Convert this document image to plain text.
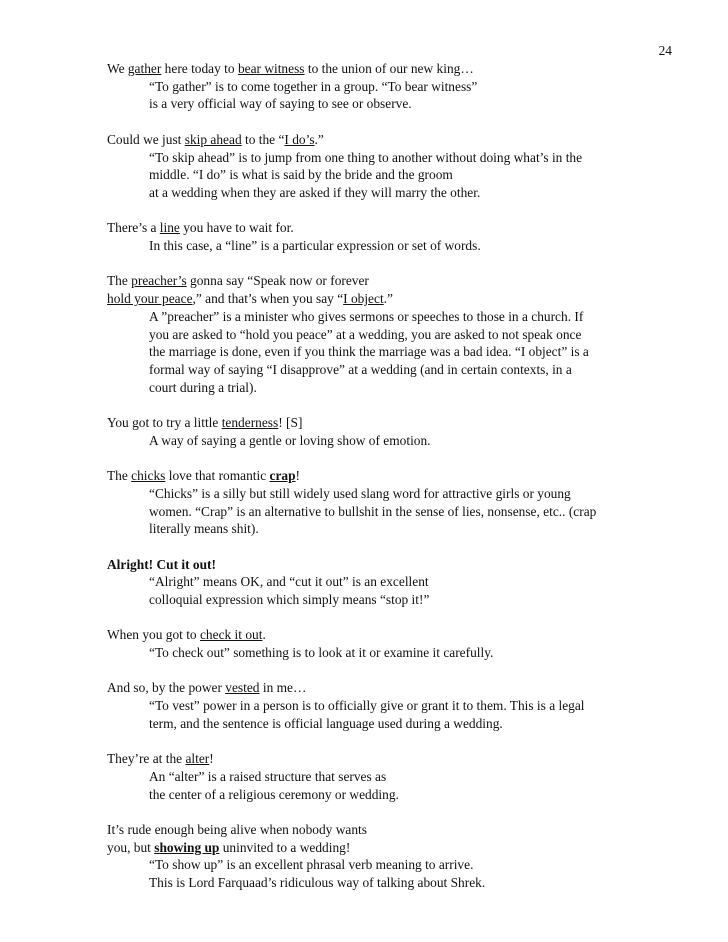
24
We gather here today to bear witness to the union of our new king…
“To gather” is to come together in a group. “To bear witness”
is a very official way of saying to see or observe.
Could we just skip ahead to the “I do’s.”
“To skip ahead” is to jump from one thing to another without doing what’s in the
middle. “I do” is what is said by the bride and the groom
at a wedding when they are asked if they will marry the other.
There’s a line you have to wait for.
In this case, a “line” is a particular expression or set of words.
The preacher’s gonna say “Speak now or forever
hold your peace,” and that’s when you say “I object.”
A ”preacher” is a minister who gives sermons or speeches to those in a church. If
you are asked to “hold you peace” at a wedding, you are asked to not speak once
the marriage is done, even if you think the marriage was a bad idea. “I object” is a
formal way of saying “I disapprove” at a wedding (and in certain contexts, in a
court during a trial).
You got to try a little tenderness! [S]
A way of saying a gentle or loving show of emotion.
The chicks love that romantic crap!
“Chicks” is a silly but still widely used slang word for attractive girls or young
women. “Crap” is an alternative to bullshit in the sense of lies, nonsense, etc.. (crap
literally means shit).
Alright! Cut it out!
“Alright” means OK, and “cut it out” is an excellent
colloquial expression which simply means “stop it!”
When you got to check it out.
“To check out” something is to look at it or examine it carefully.
And so, by the power vested in me…
“To vest” power in a person is to officially give or grant it to them. This is a legal
term, and the sentence is official language used during a wedding.
They’re at the alter!
An “alter” is a raised structure that serves as
the center of a religious ceremony or wedding.
It’s rude enough being alive when nobody wants
you, but showing up uninvited to a wedding!
“To show up” is an excellent phrasal verb meaning to arrive.
This is Lord Farquaad’s ridiculous way of talking about Shrek.
